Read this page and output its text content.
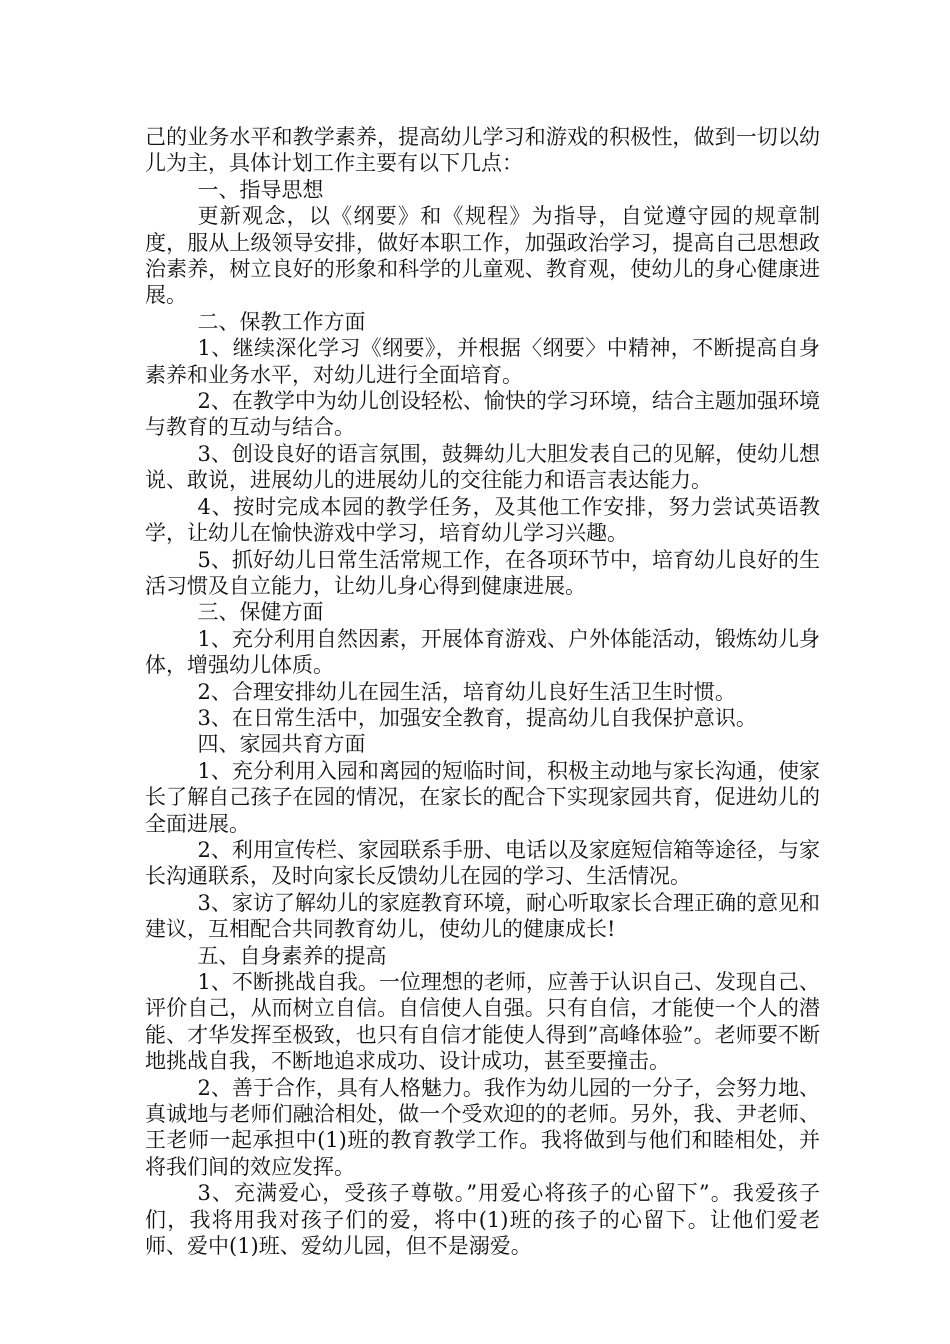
己的业务水平和教学素养，提高幼儿学习和游戏的积极性，做到一切以幼儿为主，具体计划工作主要有以下几点：

一、指导思想

更新观念，以《纲要》和《规程》为指导，自觉遵守园的规章制度，服从上级领导安排，做好本职工作，加强政治学习，提高自己思想政治素养，树立良好的形象和科学的儿童观、教育观，使幼儿的身心健康进展。

二、保教工作方面

1、继续深化学习《纲要》，并根据〈纲要〉中精神，不断提高自身素养和业务水平，对幼儿进行全面培育。

2、在教学中为幼儿创设轻松、愉快的学习环境，结合主题加强环境与教育的互动与结合。

3、创设良好的语言氛围，鼓舞幼儿大胆发表自己的见解，使幼儿想说、敢说，进展幼儿的进展幼儿的交往能力和语言表达能力。

4、按时完成本园的教学任务，及其他工作安排，努力尝试英语教学，让幼儿在愉快游戏中学习，培育幼儿学习兴趣。

5、抓好幼儿日常生活常规工作，在各项环节中，培育幼儿良好的生活习惯及自立能力，让幼儿身心得到健康进展。

三、保健方面

1、充分利用自然因素，开展体育游戏、户外体能活动，锻炼幼儿身体，增强幼儿体质。

2、合理安排幼儿在园生活，培育幼儿良好生活卫生时惯。

3、在日常生活中，加强安全教育，提高幼儿自我保护意识。

四、家园共育方面

1、充分利用入园和离园的短临时间，积极主动地与家长沟通，使家长了解自己孩子在园的情况，在家长的配合下实现家园共育，促进幼儿的全面进展。

2、利用宣传栏、家园联系手册、电话以及家庭短信箱等途径，与家长沟通联系，及时向家长反馈幼儿在园的学习、生活情况。

3、家访了解幼儿的家庭教育环境，耐心听取家长合理正确的意见和建议，互相配合共同教育幼儿，使幼儿的健康成长!

五、自身素养的提高

1、不断挑战自我。一位理想的老师，应善于认识自己、发现自己、评价自己，从而树立自信。自信使人自强。只有自信，才能使一个人的潜能、才华发挥至极致，也只有自信才能使人得到”高峰体验”。老师要不断地挑战自我，不断地追求成功、设计成功，甚至要撞击。

2、善于合作，具有人格魅力。我作为幼儿园的一分子，会努力地、真诚地与老师们融洽相处，做一个受欢迎的的老师。另外，我、尹老师、王老师一起承担中(1)班的教育教学工作。我将做到与他们和睦相处，并将我们间的效应发挥。

3、充满爱心，受孩子尊敬。”用爱心将孩子的心留下”。我爱孩子们，我将用我对孩子们的爱，将中(1)班的孩子的心留下。让他们爱老师、爱中(1)班、爱幼儿园，但不是溺爱。
